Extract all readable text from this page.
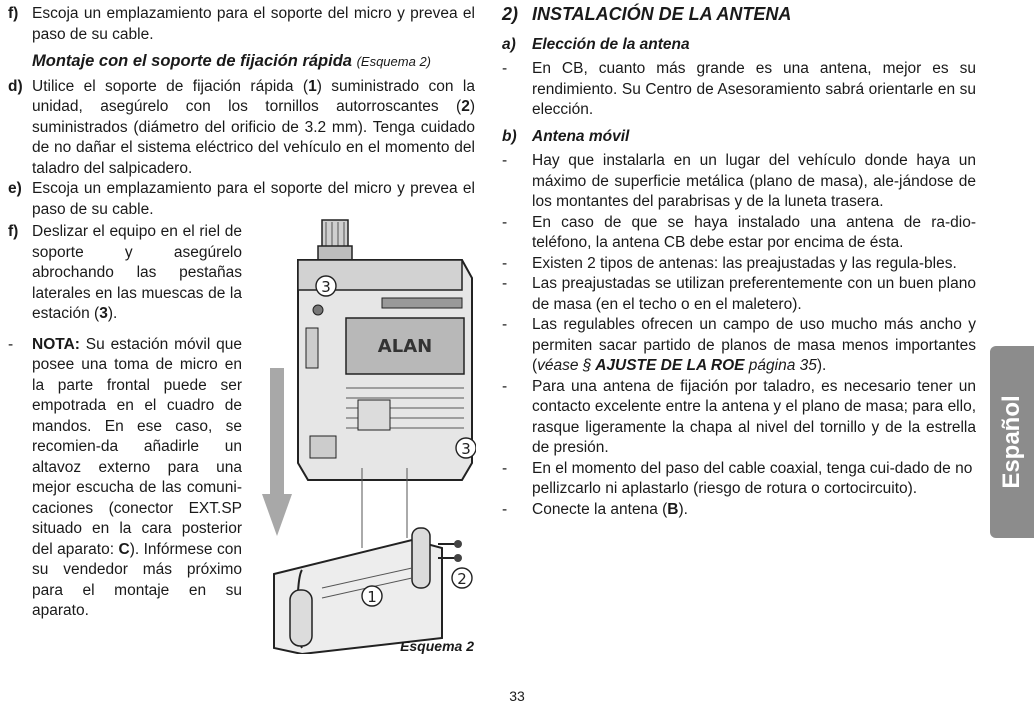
f) Escoja un emplazamiento para el soporte del micro y prevea el paso de su cable.
Montaje con el soporte de fijación rápida (Esquema 2)
d) Utilice el soporte de fijación rápida (1) suministrado con la unidad, asegúrelo con los tornillos autorroscantes (2) suministrados (diámetro del orificio de 3.2 mm). Tenga cuidado de no dañar el sistema eléctrico del vehículo en el momento del taladro del salpicadero.
e) Escoja un emplazamiento para el soporte del micro y prevea el paso de su cable.
f) Deslizar el equipo en el riel de soporte y asegúrelo abrochando las pestañas laterales en las muescas de la estación (3).
- NOTA: Su estación móvil que posee una toma de micro en la parte frontal puede ser empotrada en el cuadro de mandos. En ese caso, se recomien-da añadirle un altavoz externo para una mejor escucha de las comuni-caciones (conector EXT.SP situado en la cara posterior del aparato: C). Infórmese con su vendedor más próximo para el montaje en su aparato.
ALAN
3
3
2
1
Esquema 2
2) INSTALACIÓN DE LA ANTENA
a) Elección de la antena
- En CB, cuanto más grande es una antena, mejor es su rendimiento. Su Centro de Asesoramiento sabrá orientarle en su elección.
b) Antena móvil
- Hay que instalarla en un lugar del vehículo donde haya un máximo de superficie metálica (plano de masa), ale-jándose de los montantes del parabrisas y de la luneta trasera.
- En caso de que se haya instalado una antena de ra-dio-teléfono, la antena CB debe estar por encima de ésta.
- Existen 2 tipos de antenas: las preajustadas y las regula-bles.
- Las preajustadas se utilizan preferentemente con un buen plano de masa (en el techo o en el maletero).
- Las regulables ofrecen un campo de uso mucho más ancho y permiten sacar partido de planos de masa menos importantes (véase § AJUSTE DE LA ROE página 35).
- Para una antena de fijación por taladro, es necesario tener un contacto excelente entre la antena y el plano de masa; para ello, rasque ligeramente la chapa al nivel del tornillo y de la estrella de presión.
- En el momento del paso del cable coaxial, tenga cui-dado de no pellizcarlo ni aplastarlo (riesgo de rotura o cortocircuito).
- Conecte la antena (B).
Español
33
